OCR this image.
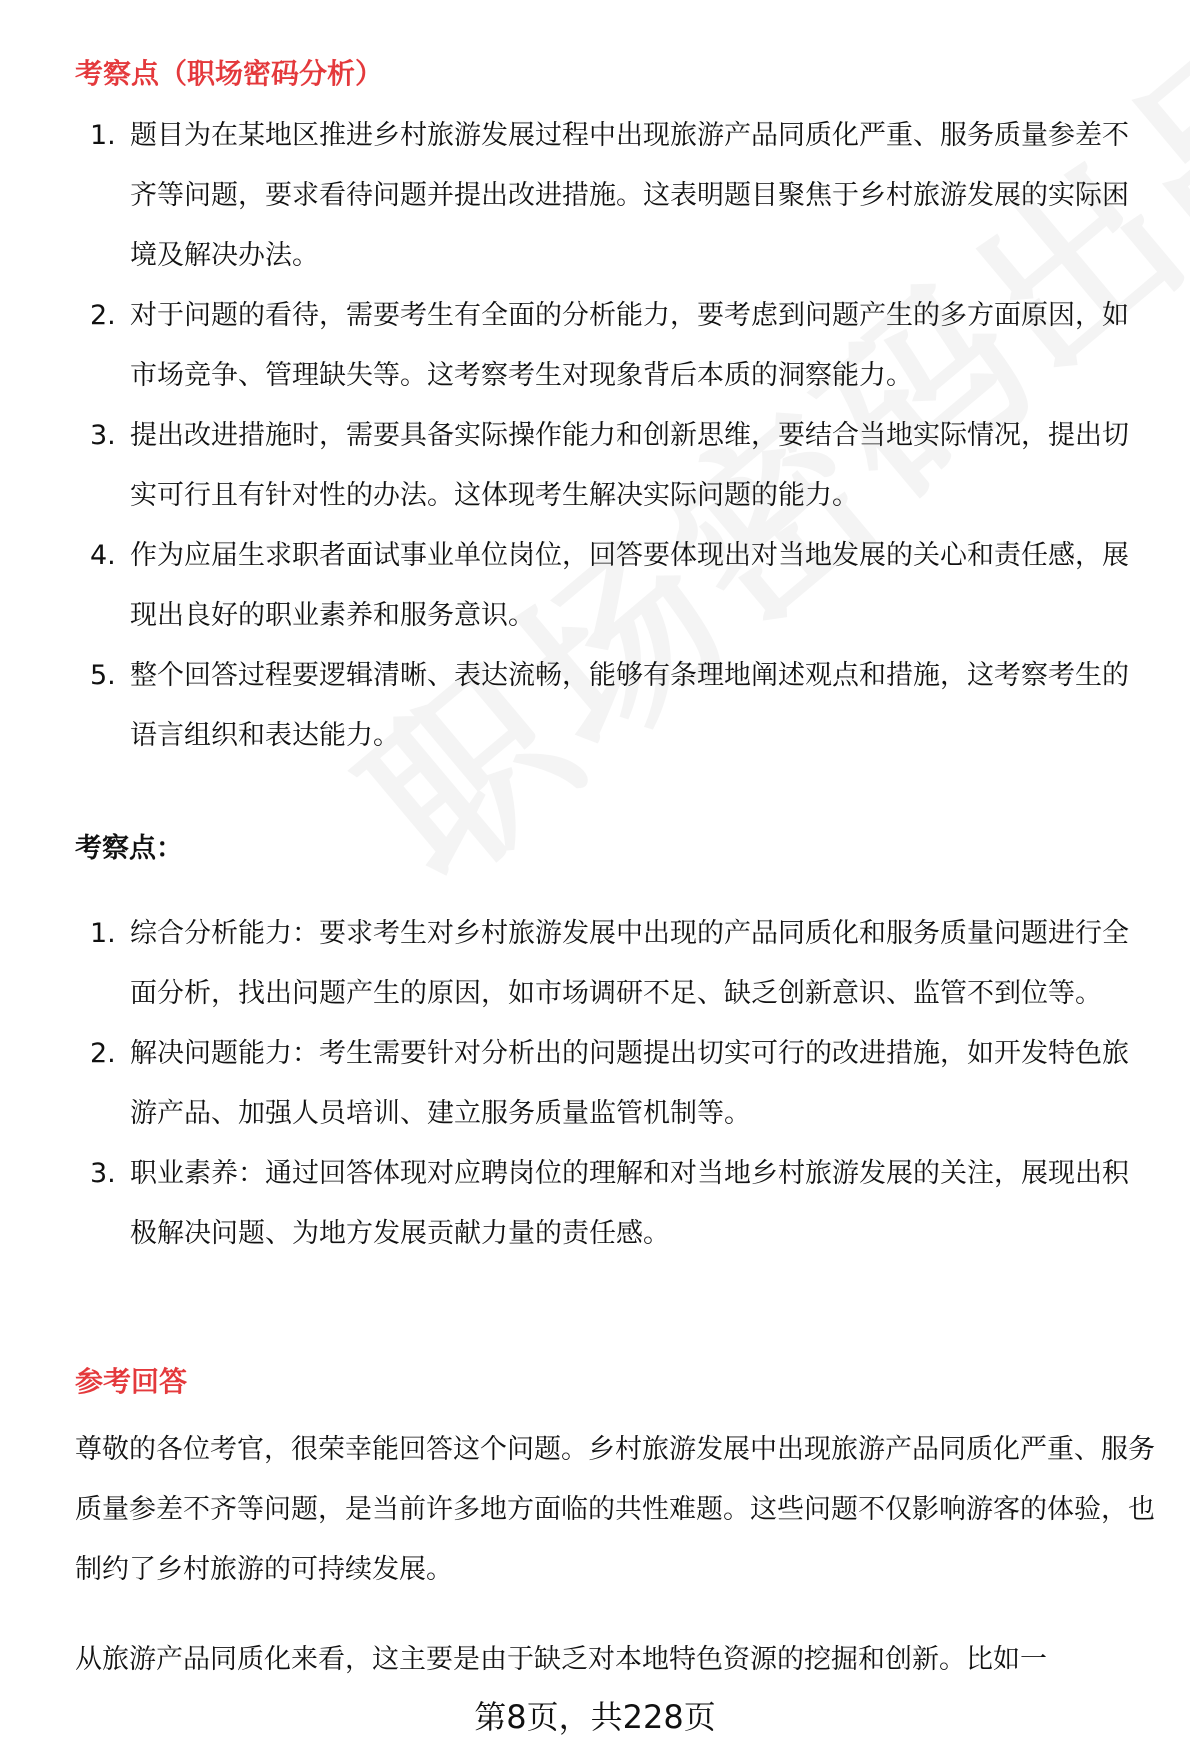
考察点（职场密码分析）
1. 题目为在某地区推进乡村旅游发展过程中出现旅游产品同质化严重、服务质量参差不齐等问题，要求看待问题并提出改进措施。这表明题目聚焦于乡村旅游发展的实际困境及解决办法。
2. 对于问题的看待，需要考生有全面的分析能力，要考虑到问题产生的多方面原因，如市场竞争、管理缺失等。这考察考生对现象背后本质的洞察能力。
3. 提出改进措施时，需要具备实际操作能力和创新思维，要结合当地实际情况，提出切实可行且有针对性的办法。这体现考生解决实际问题的能力。
4. 作为应届生求职者面试事业单位岗位，回答要体现出对当地发展的关心和责任感，展现出良好的职业素养和服务意识。
5. 整个回答过程要逻辑清晰、表达流畅，能够有条理地阐述观点和措施，这考察考生的语言组织和表达能力。
考察点：
1. 综合分析能力：要求考生对乡村旅游发展中出现的产品同质化和服务质量问题进行全面分析，找出问题产生的原因，如市场调研不足、缺乏创新意识、监管不到位等。
2. 解决问题能力：考生需要针对分析出的问题提出切实可行的改进措施，如开发特色旅游产品、加强人员培训、建立服务质量监管机制等。
3. 职业素养：通过回答体现对应聘岗位的理解和对当地乡村旅游发展的关注，展现出积极解决问题、为地方发展贡献力量的责任感。
参考回答

尊敬的各位考官，很荣幸能回答这个问题。乡村旅游发展中出现旅游产品同质化严重、服务质量参差不齐等问题，是当前许多地方面临的共性难题。这些问题不仅影响游客的体验，也制约了乡村旅游的可持续发展。

从旅游产品同质化来看，这主要是由于缺乏对本地特色资源的挖掘和创新。比如一

第8页，共228页
